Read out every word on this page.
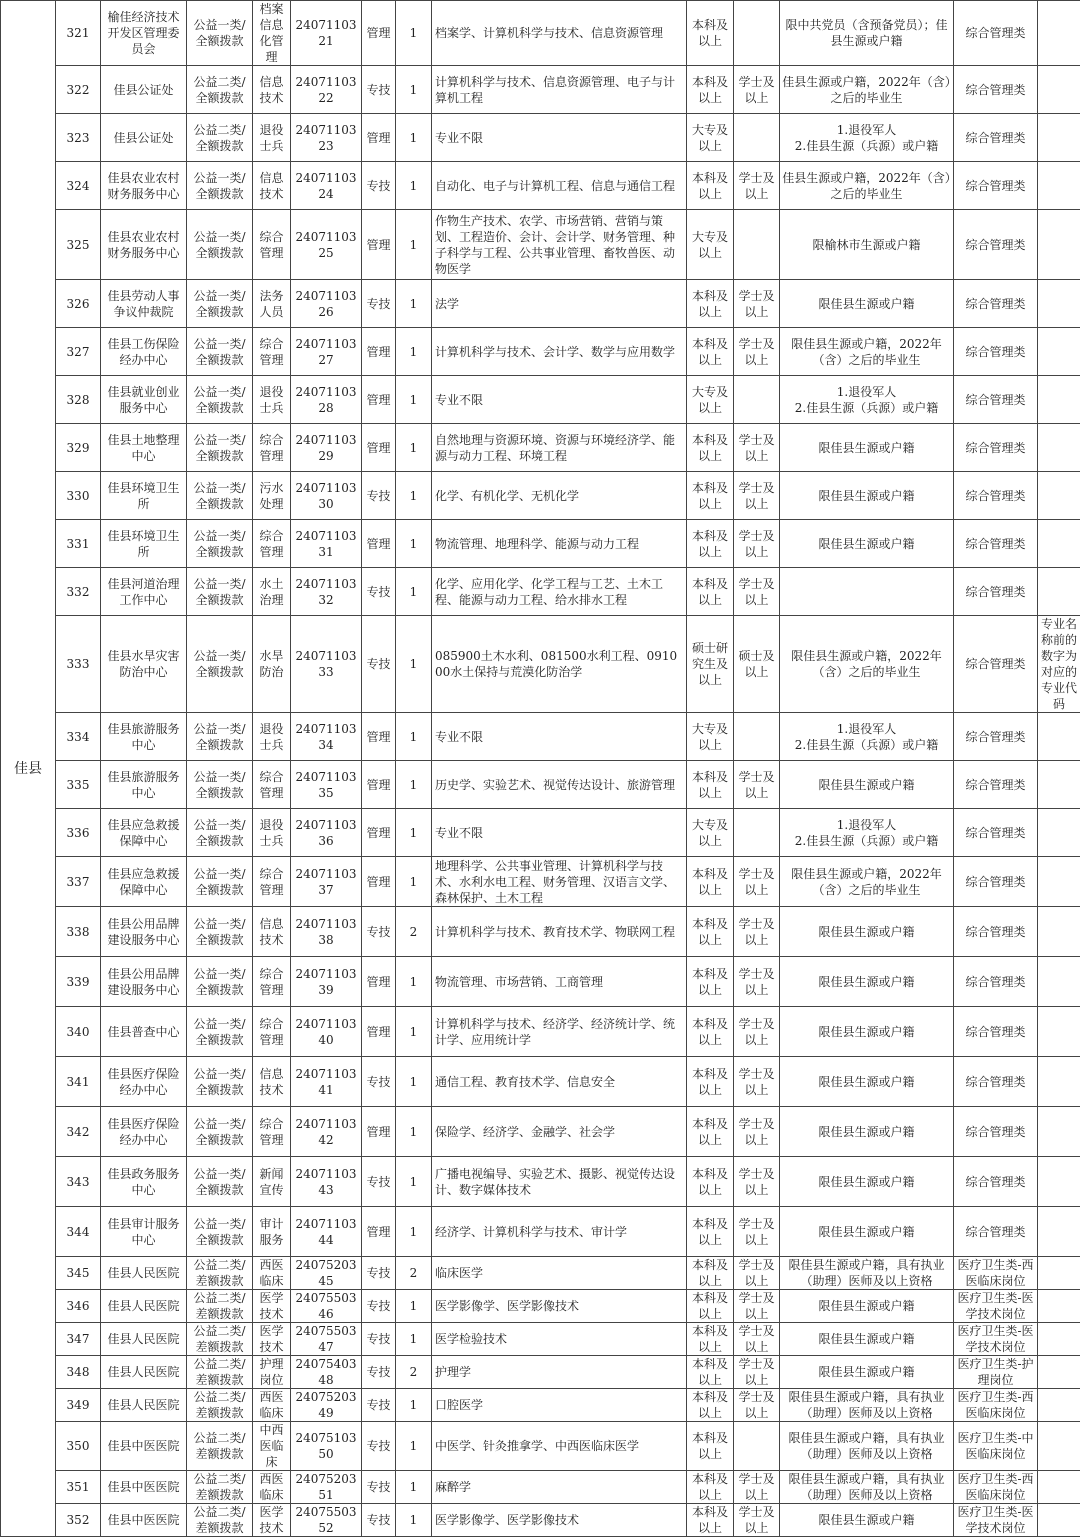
佳县	321	榆佳经济技术开发区管理委员会	公益一类/全额拨款	档案信息化管理	2407110321	管理	1	档案学、计算机科学与技术、信息资源管理	本科及以上		限中共党员（含预备党员）；佳县生源或户籍	综合管理类	
	322	佳县公证处	公益二类/全额拨款	信息技术	2407110322	专技	1	计算机科学与技术、信息资源管理、电子与计算机工程	本科及以上	学士及以上	佳县生源或户籍，2022年（含）之后的毕业生	综合管理类	
	323	佳县公证处	公益二类/全额拨款	退役士兵	2407110323	管理	1	专业不限	大专及以上		1.退役军人
2.佳县生源（兵源）或户籍	综合管理类	
	324	佳县农业农村财务服务中心	公益一类/全额拨款	信息技术	2407110324	专技	1	自动化、电子与计算机工程、信息与通信工程	本科及以上	学士及以上	佳县生源或户籍，2022年（含）之后的毕业生	综合管理类	
	325	佳县农业农村财务服务中心	公益一类/全额拨款	综合管理	2407110325	管理	1	作物生产技术、农学、市场营销、营销与策划、工程造价、会计、会计学、财务管理、种子科学与工程、公共事业管理、畜牧兽医、动物医学	大专及以上		限榆林市生源或户籍	综合管理类	
	326	佳县劳动人事争议仲裁院	公益一类/全额拨款	法务人员	2407110326	专技	1	法学	本科及以上	学士及以上	限佳县生源或户籍	综合管理类	
	327	佳县工伤保险经办中心	公益一类/全额拨款	综合管理	2407110327	管理	1	计算机科学与技术、会计学、数学与应用数学	本科及以上	学士及以上	限佳县生源或户籍，2022年（含）之后的毕业生	综合管理类	
	328	佳县就业创业服务中心	公益一类/全额拨款	退役士兵	2407110328	管理	1	专业不限	大专及以上		1.退役军人
2.佳县生源（兵源）或户籍	综合管理类	
	329	佳县土地整理中心	公益一类/全额拨款	综合管理	2407110329	管理	1	自然地理与资源环境、资源与环境经济学、能源与动力工程、环境工程	本科及以上	学士及以上	限佳县生源或户籍	综合管理类	
	330	佳县环境卫生所	公益一类/全额拨款	污水处理	2407110330	专技	1	化学、有机化学、无机化学	本科及以上	学士及以上	限佳县生源或户籍	综合管理类	
	331	佳县环境卫生所	公益一类/全额拨款	综合管理	2407110331	管理	1	物流管理、地理科学、能源与动力工程	本科及以上	学士及以上	限佳县生源或户籍	综合管理类	
	332	佳县河道治理工作中心	公益一类/全额拨款	水土治理	2407110332	专技	1	化学、应用化学、化学工程与工艺、土木工程、能源与动力工程、给水排水工程	本科及以上	学士及以上		综合管理类	
	333	佳县水旱灾害防治中心	公益一类/全额拨款	水旱防治	2407110333	专技	1	085900土木水利、081500水利工程、091000水土保持与荒漠化防治学	硕士研究生及以上	硕士及以上	限佳县生源或户籍，2022年（含）之后的毕业生	综合管理类	专业名称前的数字为对应的专业代码
	334	佳县旅游服务中心	公益一类/全额拨款	退役士兵	2407110334	管理	1	专业不限	大专及以上		1.退役军人
2.佳县生源（兵源）或户籍	综合管理类	
	335	佳县旅游服务中心	公益一类/全额拨款	综合管理	2407110335	管理	1	历史学、实验艺术、视觉传达设计、旅游管理	本科及以上	学士及以上	限佳县生源或户籍	综合管理类	
	336	佳县应急救援保障中心	公益一类/全额拨款	退役士兵	2407110336	管理	1	专业不限	大专及以上		1.退役军人
2.佳县生源（兵源）或户籍	综合管理类	
	337	佳县应急救援保障中心	公益一类/全额拨款	综合管理	2407110337	管理	1	地理科学、公共事业管理、计算机科学与技术、水利水电工程、财务管理、汉语言文学、森林保护、土木工程	本科及以上	学士及以上	限佳县生源或户籍，2022年（含）之后的毕业生	综合管理类	
	338	佳县公用品牌建设服务中心	公益一类/全额拨款	信息技术	2407110338	专技	2	计算机科学与技术、教育技术学、物联网工程	本科及以上	学士及以上	限佳县生源或户籍	综合管理类	
	339	佳县公用品牌建设服务中心	公益一类/全额拨款	综合管理	2407110339	管理	1	物流管理、市场营销、工商管理	本科及以上	学士及以上	限佳县生源或户籍	综合管理类	
	340	佳县普查中心	公益一类/全额拨款	综合管理	2407110340	管理	1	计算机科学与技术、经济学、经济统计学、统计学、应用统计学	本科及以上	学士及以上	限佳县生源或户籍	综合管理类	
	341	佳县医疗保险经办中心	公益一类/全额拨款	信息技术	2407110341	专技	1	通信工程、教育技术学、信息安全	本科及以上	学士及以上	限佳县生源或户籍	综合管理类	
	342	佳县医疗保险经办中心	公益一类/全额拨款	综合管理	2407110342	管理	1	保险学、经济学、金融学、社会学	本科及以上	学士及以上	限佳县生源或户籍	综合管理类	
	343	佳县政务服务中心	公益一类/全额拨款	新闻宣传	2407110343	专技	1	广播电视编导、实验艺术、摄影、视觉传达设计、数字媒体技术	本科及以上	学士及以上	限佳县生源或户籍	综合管理类	
	344	佳县审计服务中心	公益一类/全额拨款	审计服务	2407110344	管理	1	经济学、计算机科学与技术、审计学	本科及以上	学士及以上	限佳县生源或户籍	综合管理类	
	345	佳县人民医院	公益二类/差额拨款	西医临床	2407520345	专技	2	临床医学	本科及以上	学士及以上	限佳县生源或户籍，具有执业（助理）医师及以上资格	医疗卫生类-西医临床岗位	
	346	佳县人民医院	公益二类/差额拨款	医学技术	2407550346	专技	1	医学影像学、医学影像技术	本科及以上	学士及以上	限佳县生源或户籍	医疗卫生类-医学技术岗位	
	347	佳县人民医院	公益二类/差额拨款	医学技术	2407550347	专技	1	医学检验技术	本科及以上	学士及以上	限佳县生源或户籍	医疗卫生类-医学技术岗位	
	348	佳县人民医院	公益二类/差额拨款	护理岗位	2407540348	专技	2	护理学	本科及以上	学士及以上	限佳县生源或户籍	医疗卫生类-护理岗位	
	349	佳县人民医院	公益二类/差额拨款	西医临床	2407520349	专技	1	口腔医学	本科及以上	学士及以上	限佳县生源或户籍，具有执业（助理）医师及以上资格	医疗卫生类-西医临床岗位	
	350	佳县中医医院	公益二类/差额拨款	中西医临床	2407510350	专技	1	中医学、针灸推拿学、中西医临床医学	本科及以上		限佳县生源或户籍，具有执业（助理）医师及以上资格	医疗卫生类-中医临床岗位	
	351	佳县中医医院	公益二类/差额拨款	西医临床	2407520351	专技	1	麻醉学	本科及以上	学士及以上	限佳县生源或户籍，具有执业（助理）医师及以上资格	医疗卫生类-西医临床岗位	
	352	佳县中医医院	公益二类/差额拨款	医学技术	2407550352	专技	1	医学影像学、医学影像技术	本科及以上	学士及以上	限佳县生源或户籍	医疗卫生类-医学技术岗位	
